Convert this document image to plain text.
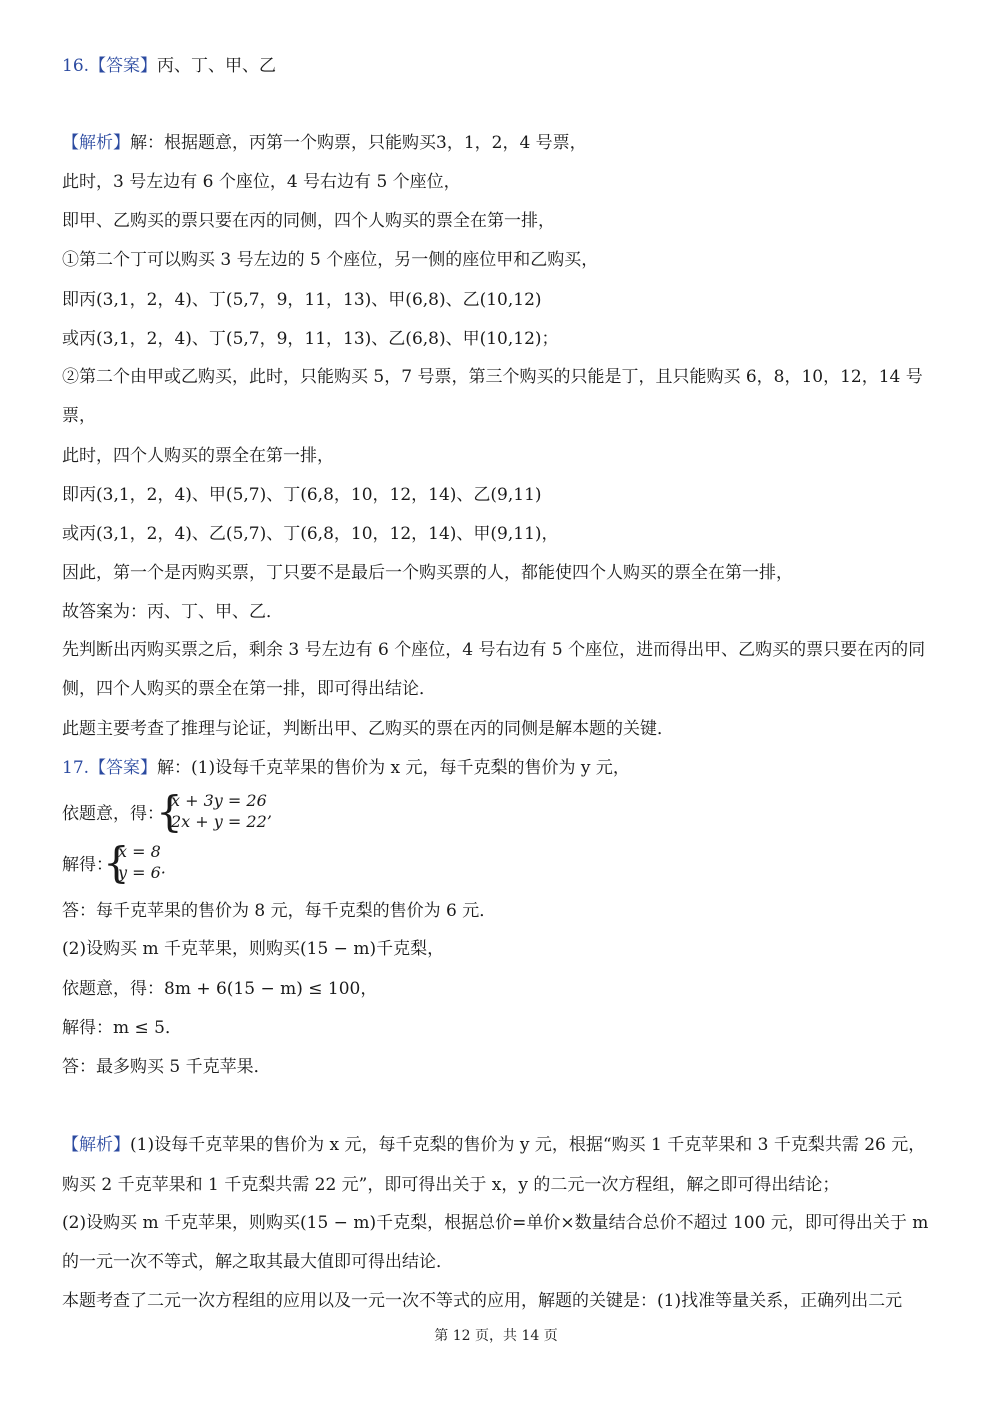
16.【答案】丙、丁、甲、乙
【解析】解：根据题意，丙第一个购票，只能购买3，1，2，4 号票，
此时，3 号左边有 6 个座位，4 号右边有 5 个座位，
即甲、乙购买的票只要在丙的同侧，四个人购买的票全在第一排，
①第二个丁可以购买 3 号左边的 5 个座位，另一侧的座位甲和乙购买，
即丙(3,1，2，4)、丁(5,7，9，11，13)、甲(6,8)、乙(10,12)
或丙(3,1，2，4)、丁(5,7，9，11，13)、乙(6,8)、甲(10,12)；
②第二个由甲或乙购买，此时，只能购买 5，7 号票，第三个购买的只能是丁，且只能购买 6，8，10，12，14 号
票，
此时，四个人购买的票全在第一排，
即丙(3,1，2，4)、甲(5,7)、丁(6,8，10，12，14)、乙(9,11)
或丙(3,1，2，4)、乙(5,7)、丁(6,8，10，12，14)、甲(9,11)，
因此，第一个是丙购买票，丁只要不是最后一个购买票的人，都能使四个人购买的票全在第一排，
故答案为：丙、丁、甲、乙．
先判断出丙购买票之后，剩余 3 号左边有 6 个座位，4 号右边有 5 个座位，进而得出甲、乙购买的票只要在丙的同
侧，四个人购买的票全在第一排，即可得出结论．
此题主要考查了推理与论证，判断出甲、乙购买的票在丙的同侧是解本题的关键．
17.【答案】解：(1)设每千克苹果的售价为 x 元，每千克梨的售价为 y 元，
依题意，得：
{
x + 3y = 26
2x + y = 22’
解得：
{
x = 8
y = 6·
答：每千克苹果的售价为 8 元，每千克梨的售价为 6 元．
(2)设购买 m 千克苹果，则购买(15 − m)千克梨，
依题意，得：8m + 6(15 − m) ≤ 100，
解得：m ≤ 5．
答：最多购买 5 千克苹果．
【解析】(1)设每千克苹果的售价为 x 元，每千克梨的售价为 y 元，根据“购买 1 千克苹果和 3 千克梨共需 26 元，
购买 2 千克苹果和 1 千克梨共需 22 元”，即可得出关于 x，y 的二元一次方程组，解之即可得出结论；
(2)设购买 m 千克苹果，则购买(15 − m)千克梨，根据总价=单价×数量结合总价不超过 100 元，即可得出关于 m
的一元一次不等式，解之取其最大值即可得出结论．
本题考查了二元一次方程组的应用以及一元一次不等式的应用，解题的关键是：(1)找准等量关系，正确列出二元
第 12 页，共 14 页
